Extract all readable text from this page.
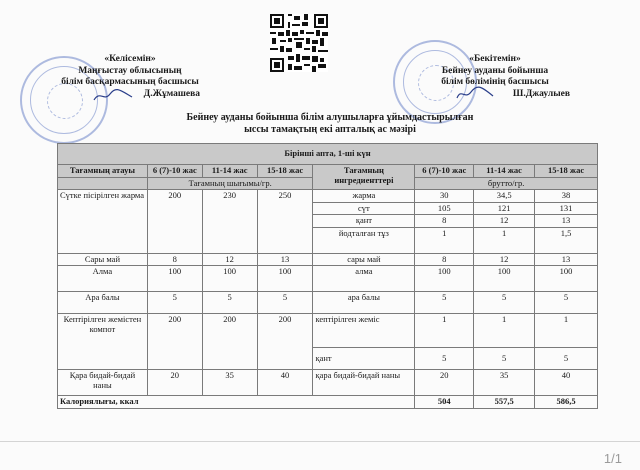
«Келісемін»
Маңғыстау облысының
білім басқармасының басшысы
Д.Жұмашева
«Бекітемін»
Бейнеу ауданы бойынша
білім бөлімінің басшысы
Ш.Джаулыев
Бейнеу ауданы бойынша білім алушыларға ұйымдастырылған
ыссы тамақтың екі апталық ас мәзірі
Бірінші апта, 1-ші күн							
Тағамның атауы	6 (7)-10 жас	11-14 жас	15-18 жас	Тағамның ингредиенттері	6 (7)-10 жас	11-14 жас	15-18 жас
	Тағамның шығымы/гр.				брутто/гр.		
Сүтке пісірілген жарма	200	230	250	жарма	30	34,5	38
				сүт	105	121	131
				қант	8	12	13
				йодталған тұз	1	1	1,5
Сары май	8	12	13	сары май	8	12	13
Алма	100	100	100	алма	100	100	100
Ара балы	5	5	5	ара балы	5	5	5
Кептірілген жемістен компот	200	200	200	кептірілген жеміс	1	1	1
				қант	5	5	5
Қара бидай-бидай наны	20	35	40	қара бидай-бидай наны	20	35	40
Калориялығы, ккал					504	557,5	586,5
1/1
